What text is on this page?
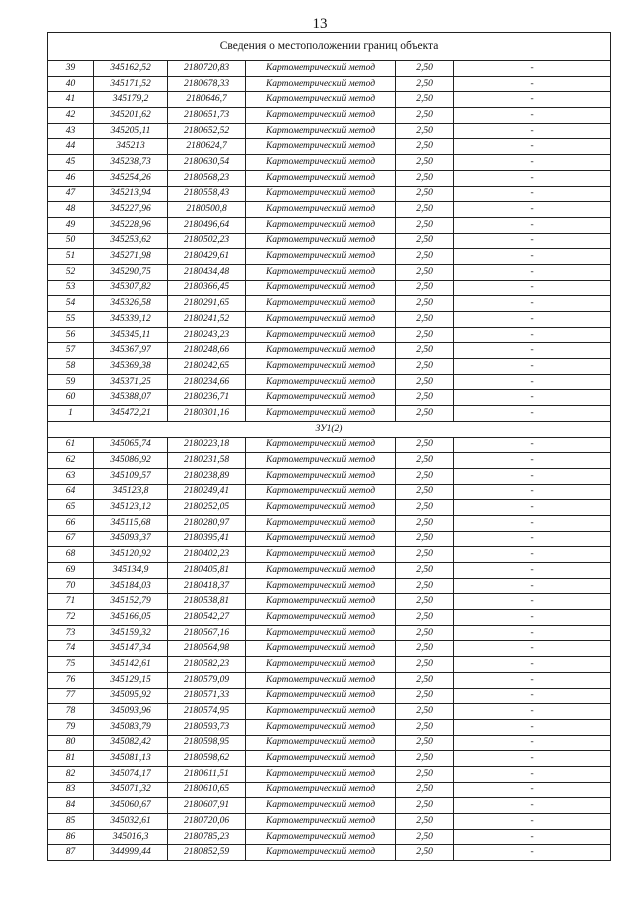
13
Сведения о местоположении границ объекта					
39	345162,52	2180720,83	Картометрический метод	2,50	-
40	345171,52	2180678,33	Картометрический метод	2,50	-
41	345179,2	2180646,7	Картометрический метод	2,50	-
42	345201,62	2180651,73	Картометрический метод	2,50	-
43	345205,11	2180652,52	Картометрический метод	2,50	-
44	345213	2180624,7	Картометрический метод	2,50	-
45	345238,73	2180630,54	Картометрический метод	2,50	-
46	345254,26	2180568,23	Картометрический метод	2,50	-
47	345213,94	2180558,43	Картометрический метод	2,50	-
48	345227,96	2180500,8	Картометрический метод	2,50	-
49	345228,96	2180496,64	Картометрический метод	2,50	-
50	345253,62	2180502,23	Картометрический метод	2,50	-
51	345271,98	2180429,61	Картометрический метод	2,50	-
52	345290,75	2180434,48	Картометрический метод	2,50	-
53	345307,82	2180366,45	Картометрический метод	2,50	-
54	345326,58	2180291,65	Картометрический метод	2,50	-
55	345339,12	2180241,52	Картометрический метод	2,50	-
56	345345,11	2180243,23	Картометрический метод	2,50	-
57	345367,97	2180248,66	Картометрический метод	2,50	-
58	345369,38	2180242,65	Картометрический метод	2,50	-
59	345371,25	2180234,66	Картометрический метод	2,50	-
60	345388,07	2180236,71	Картометрический метод	2,50	-
1	345472,21	2180301,16	Картометрический метод	2,50	-
ЗУ1(2)					
61	345065,74	2180223,18	Картометрический метод	2,50	-
62	345086,92	2180231,58	Картометрический метод	2,50	-
63	345109,57	2180238,89	Картометрический метод	2,50	-
64	345123,8	2180249,41	Картометрический метод	2,50	-
65	345123,12	2180252,05	Картометрический метод	2,50	-
66	345115,68	2180280,97	Картометрический метод	2,50	-
67	345093,37	2180395,41	Картометрический метод	2,50	-
68	345120,92	2180402,23	Картометрический метод	2,50	-
69	345134,9	2180405,81	Картометрический метод	2,50	-
70	345184,03	2180418,37	Картометрический метод	2,50	-
71	345152,79	2180538,81	Картометрический метод	2,50	-
72	345166,05	2180542,27	Картометрический метод	2,50	-
73	345159,32	2180567,16	Картометрический метод	2,50	-
74	345147,34	2180564,98	Картометрический метод	2,50	-
75	345142,61	2180582,23	Картометрический метод	2,50	-
76	345129,15	2180579,09	Картометрический метод	2,50	-
77	345095,92	2180571,33	Картометрический метод	2,50	-
78	345093,96	2180574,95	Картометрический метод	2,50	-
79	345083,79	2180593,73	Картометрический метод	2,50	-
80	345082,42	2180598,95	Картометрический метод	2,50	-
81	345081,13	2180598,62	Картометрический метод	2,50	-
82	345074,17	2180611,51	Картометрический метод	2,50	-
83	345071,32	2180610,65	Картометрический метод	2,50	-
84	345060,67	2180607,91	Картометрический метод	2,50	-
85	345032,61	2180720,06	Картометрический метод	2,50	-
86	345016,3	2180785,23	Картометрический метод	2,50	-
87	344999,44	2180852,59	Картометрический метод	2,50	-
